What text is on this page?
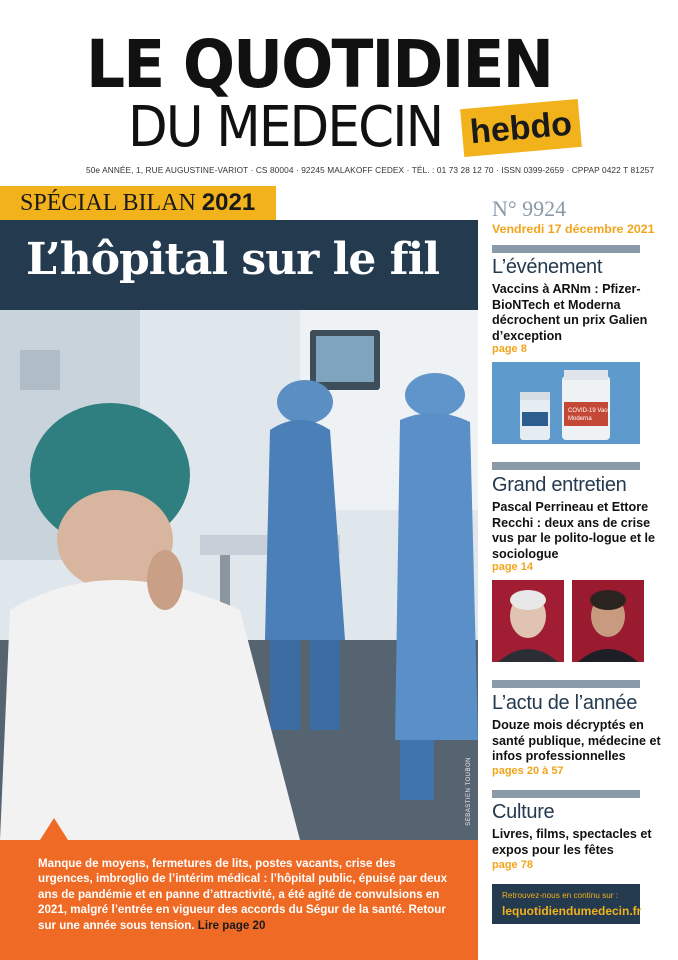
LE QUOTIDIEN
DU MEDECIN hebdo
50e ANNÉE, 1, RUE AUGUSTINE-VARIOT · CS 80004 · 92245 MALAKOFF CEDEX · TÉL. : 01 73 28 12 70 · ISSN 0399-2659 · CPPAP 0422 T 81257
SPÉCIAL BILAN 2021
L’hôpital sur le fil
SÉBASTIEN TOUBON
Manque de moyens, fermetures de lits, postes vacants, crise des urgences, imbroglio de l’intérim médical : l’hôpital public, épuisé par deux ans de pandémie et en panne d’attractivité, a été agité de convulsions en 2021, malgré l’entrée en vigueur des accords du Ségur de la santé. Retour sur une année sous tension. Lire page 20
N° 9924
Vendredi 17 décembre 2021
L’événement
Vaccins à ARNm : Pfizer-BioNTech et Moderna décrochent un prix Galien d’exception
page 8
COVID-19 Vacc
Moderna
Grand entretien
Pascal Perrineau et Ettore Recchi : deux ans de crise vus par le polito-logue et le sociologue
page 14
L’actu de l’année
Douze mois décryptés en santé publique, médecine et infos professionnelles
pages 20 à 57
Culture
Livres, films, spectacles et expos pour les fêtes
page 78
Retrouvez-nous en continu sur :
lequotidiendumedecin.fr
